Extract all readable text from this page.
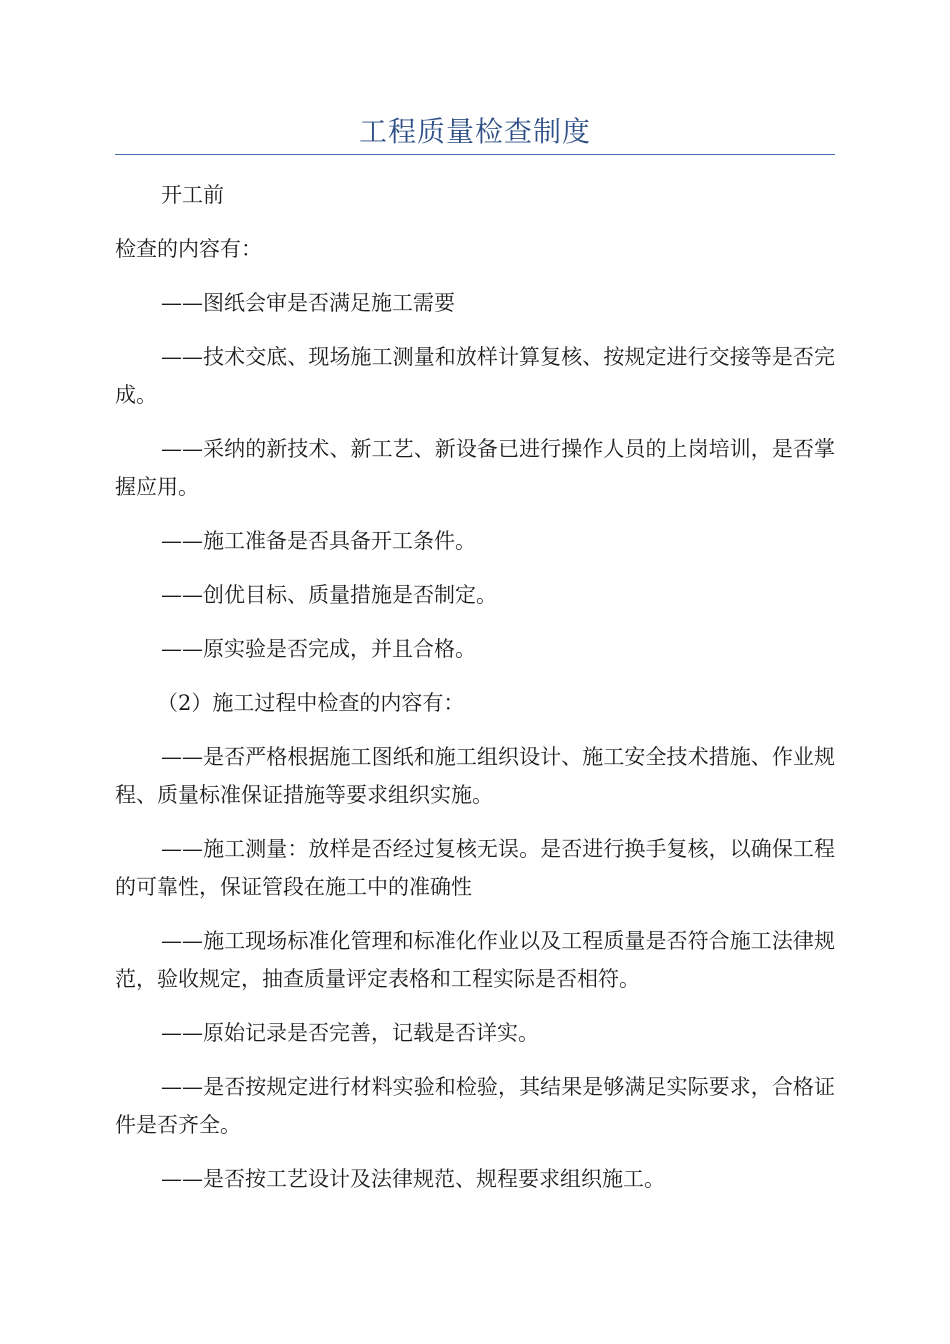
工程质量检查制度

开工前

检查的内容有：

——图纸会审是否满足施工需要

——技术交底、现场施工测量和放样计算复核、按规定进行交接等是否完成。

——采纳的新技术、新工艺、新设备已进行操作人员的上岗培训，是否掌握应用。

——施工准备是否具备开工条件。

——创优目标、质量措施是否制定。

——原实验是否完成，并且合格。

（2）施工过程中检查的内容有：

——是否严格根据施工图纸和施工组织设计、施工安全技术措施、作业规程、质量标准保证措施等要求组织实施。

——施工测量：放样是否经过复核无误。是否进行换手复核，以确保工程的可靠性，保证管段在施工中的准确性

——施工现场标准化管理和标准化作业以及工程质量是否符合施工法律规范，验收规定，抽查质量评定表格和工程实际是否相符。

——原始记录是否完善，记载是否详实。

——是否按规定进行材料实验和检验，其结果是够满足实际要求，合格证件是否齐全。

——是否按工艺设计及法律规范、规程要求组织施工。
